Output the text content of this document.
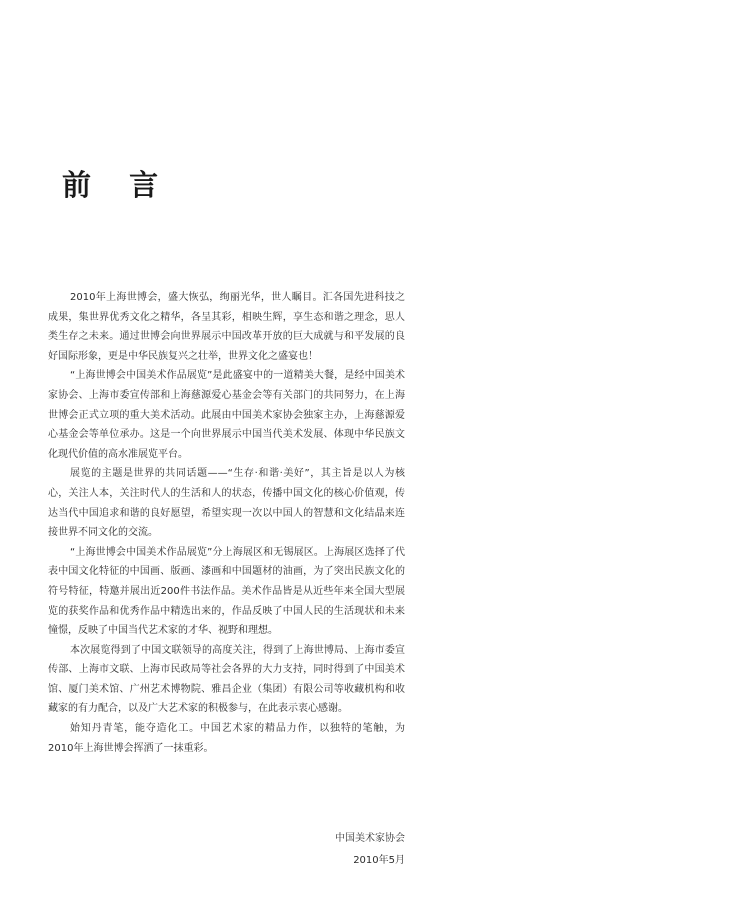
前 言

2010年上海世博会，盛大恢弘，绚丽光华，世人瞩目。汇各国先进科技之成果，集世界优秀文化之精华，各呈其彩，相映生辉，享生态和谐之理念，思人类生存之未来。通过世博会向世界展示中国改革开放的巨大成就与和平发展的良好国际形象，更是中华民族复兴之壮举，世界文化之盛宴也！

“上海世博会中国美术作品展览”是此盛宴中的一道精美大餐，是经中国美术家协会、上海市委宣传部和上海慈源爱心基金会等有关部门的共同努力，在上海世博会正式立项的重大美术活动。此展由中国美术家协会独家主办，上海慈源爱心基金会等单位承办。这是一个向世界展示中国当代美术发展、体现中华民族文化现代价值的高水准展览平台。

展览的主题是世界的共同话题——“生存·和谐·美好”，其主旨是以人为核心，关注人本，关注时代人的生活和人的状态，传播中国文化的核心价值观，传达当代中国追求和谐的良好愿望，希望实现一次以中国人的智慧和文化结晶来连接世界不同文化的交流。

“上海世博会中国美术作品展览”分上海展区和无锡展区。上海展区选择了代表中国文化特征的中国画、版画、漆画和中国题材的油画，为了突出民族文化的符号特征，特邀并展出近200件书法作品。美术作品皆是从近些年来全国大型展览的获奖作品和优秀作品中精选出来的，作品反映了中国人民的生活现状和未来憧憬，反映了中国当代艺术家的才华、视野和理想。

本次展览得到了中国文联领导的高度关注，得到了上海世博局、上海市委宣传部、上海市文联、上海市民政局等社会各界的大力支持，同时得到了中国美术馆、厦门美术馆、广州艺术博物院、雅昌企业（集团）有限公司等收藏机构和收藏家的有力配合，以及广大艺术家的积极参与，在此表示衷心感谢。

始知丹青笔，能夺造化工。中国艺术家的精品力作，以独特的笔触，为2010年上海世博会挥洒了一抹重彩。

中国美术家协会
2010年5月
